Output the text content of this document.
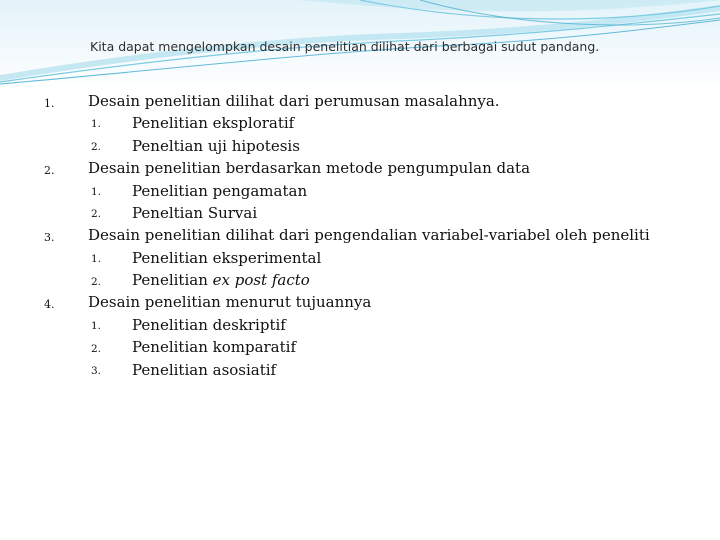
Kita dapat mengelompkan desain penelitian dilihat dari berbagai sudut pandang.
1. Desain penelitian dilihat dari perumusan masalahnya.
1. Penelitian eksploratif
2. Peneltian uji hipotesis
2. Desain penelitian berdasarkan metode pengumpulan data
1. Penelitian pengamatan
2. Peneltian Survai
3. Desain penelitian dilihat dari pengendalian variabel-variabel oleh peneliti
1. Penelitian eksperimental
2. Penelitian ex post facto
4. Desain penelitian menurut tujuannya
1. Penelitian deskriptif
2. Penelitian komparatif
3. Penelitian asosiatif
